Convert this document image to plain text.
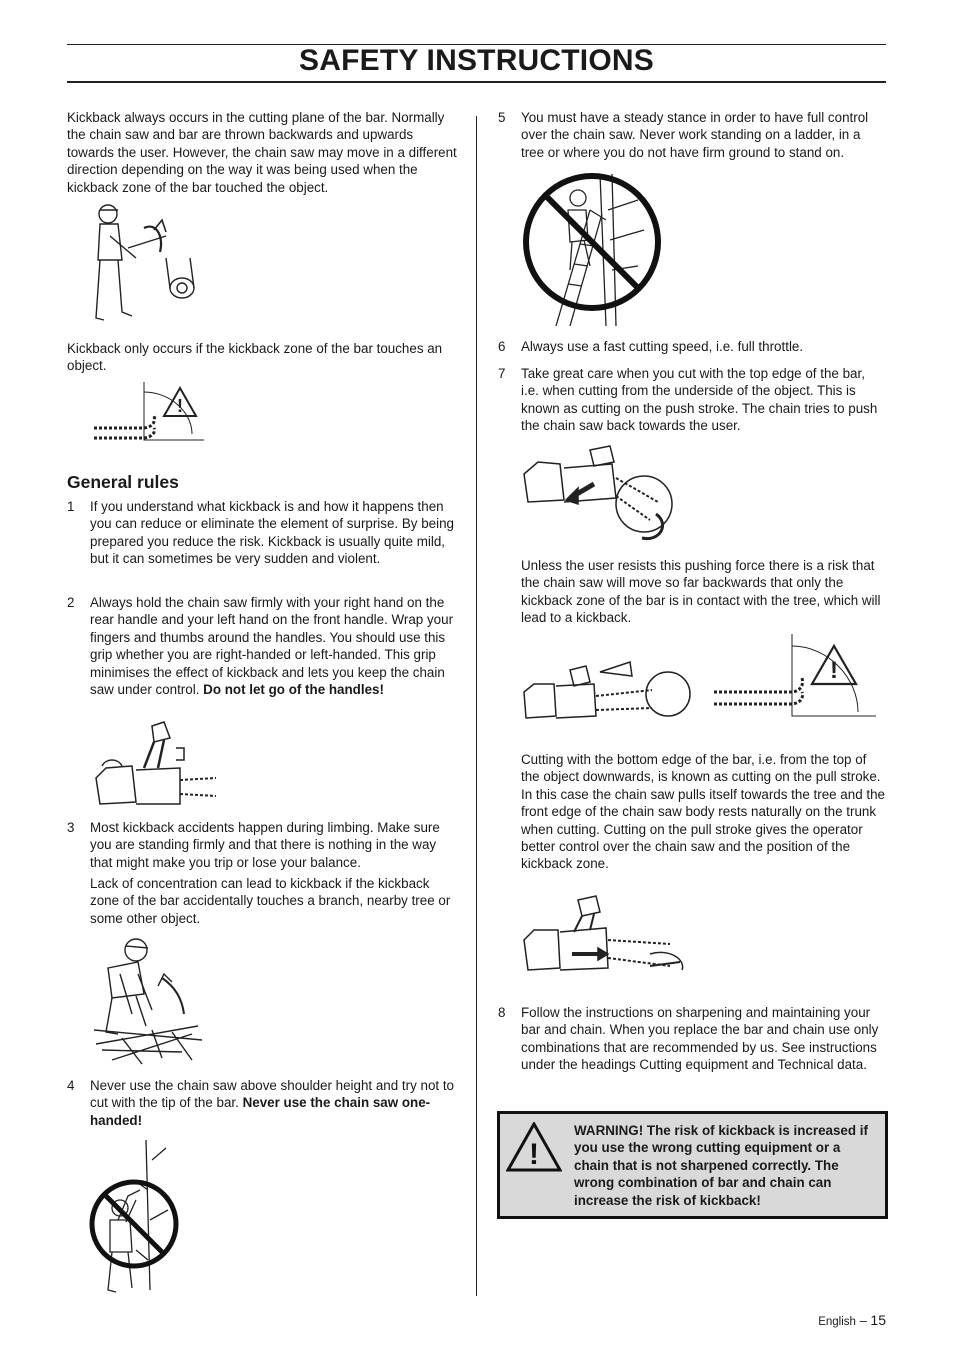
SAFETY INSTRUCTIONS
Kickback always occurs in the cutting plane of the bar. Normally the chain saw and bar are thrown backwards and upwards towards the user. However, the chain saw may move in a different direction depending on the way it was being used when the kickback zone of the bar touched the object.
Kickback only occurs if the kickback zone of the bar touches an object.
!
General rules
1 If you understand what kickback is and how it happens then you can reduce or eliminate the element of surprise. By being prepared you reduce the risk. Kickback is usually quite mild, but it can sometimes be very sudden and violent.
2 Always hold the chain saw firmly with your right hand on the rear handle and your left hand on the front handle. Wrap your fingers and thumbs around the handles. You should use this grip whether you are right-handed or left-handed. This grip minimises the effect of kickback and lets you keep the chain saw under control. Do not let go of the handles!
3 Most kickback accidents happen during limbing. Make sure you are standing firmly and that there is nothing in the way that might make you trip or lose your balance.
Lack of concentration can lead to kickback if the kickback zone of the bar accidentally touches a branch, nearby tree or some other object.
4 Never use the chain saw above shoulder height and try not to cut with the tip of the bar. Never use the chain saw one-handed!
5 You must have a steady stance in order to have full control over the chain saw. Never work standing on a ladder, in a tree or where you do not have firm ground to stand on.
6 Always use a fast cutting speed, i.e. full throttle.
7 Take great care when you cut with the top edge of the bar, i.e. when cutting from the underside of the object. This is known as cutting on the push stroke. The chain tries to push the chain saw back towards the user.
Unless the user resists this pushing force there is a risk that the chain saw will move so far backwards that only the kickback zone of the bar is in contact with the tree, which will lead to a kickback.
!
Cutting with the bottom edge of the bar, i.e. from the top of the object downwards, is known as cutting on the pull stroke. In this case the chain saw pulls itself towards the tree and the front edge of the chain saw body rests naturally on the trunk when cutting. Cutting on the pull stroke gives the operator better control over the chain saw and the position of the kickback zone.
8 Follow the instructions on sharpening and maintaining your bar and chain. When you replace the bar and chain use only combinations that are recommended by us. See instructions under the headings Cutting equipment and Technical data.
!
WARNING! The risk of kickback is increased if you use the wrong cutting equipment or a chain that is not sharpened correctly. The wrong combination of bar and chain can increase the risk of kickback!
English – 15
